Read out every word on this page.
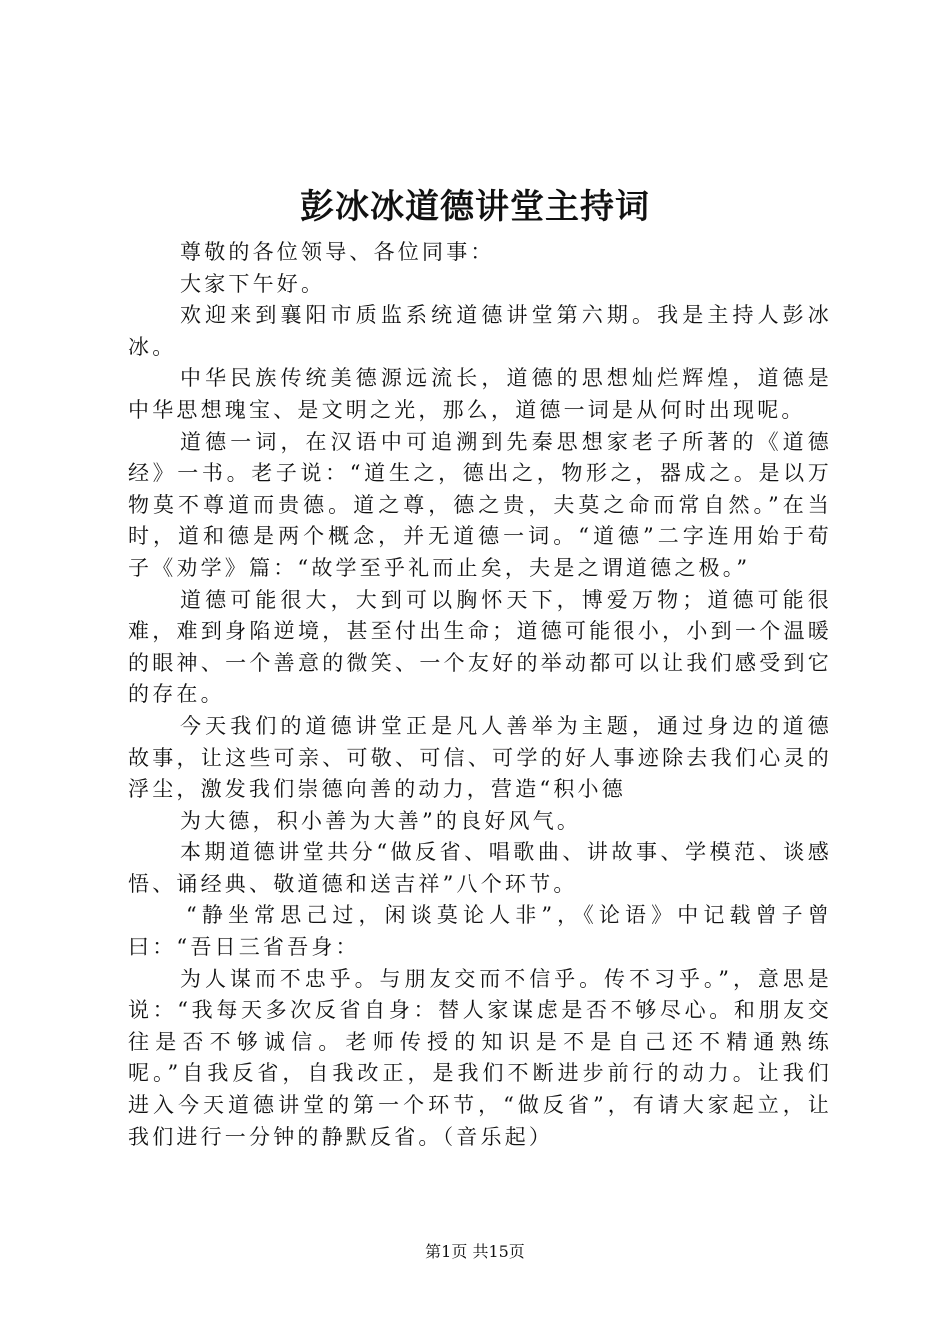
彭冰冰道德讲堂主持词

尊敬的各位领导、各位同事：

大家下午好。

欢迎来到襄阳市质监系统道德讲堂第六期。我是主持人彭冰冰。

中华民族传统美德源远流长，道德的思想灿烂辉煌，道德是中华思想瑰宝、是文明之光，那么，道德一词是从何时出现呢。

道德一词，在汉语中可追溯到先秦思想家老子所著的《道德经》一书。老子说：“道生之，德出之，物形之，器成之。是以万物莫不尊道而贵德。道之尊，德之贵，夫莫之命而常自然。”在当时，道和德是两个概念，并无道德一词。“道德”二字连用始于荀子《劝学》篇：“故学至乎礼而止矣，夫是之谓道德之极。”

道德可能很大，大到可以胸怀天下，博爱万物；道德可能很难，难到身陷逆境，甚至付出生命；道德可能很小，小到一个温暖的眼神、一个善意的微笑、一个友好的举动都可以让我们感受到它的存在。

今天我们的道德讲堂正是凡人善举为主题，通过身边的道德故事，让这些可亲、可敬、可信、可学的好人事迹除去我们心灵的浮尘，激发我们崇德向善的动力，营造“积小德

为大德，积小善为大善”的良好风气。

本期道德讲堂共分“做反省、唱歌曲、讲故事、学模范、谈感悟、诵经典、敬道德和送吉祥”八个环节。

“静坐常思己过，闲谈莫论人非”，《论语》中记载曾子曾曰：“吾日三省吾身：

为人谋而不忠乎。与朋友交而不信乎。传不习乎。”，意思是说：“我每天多次反省自身：替人家谋虑是否不够尽心。和朋友交往是否不够诚信。老师传授的知识是不是自己还不精通熟练呢。”自我反省，自我改正，是我们不断进步前行的动力。让我们进入今天道德讲堂的第一个环节，“做反省”，有请大家起立，让我们进行一分钟的静默反省。（音乐起）

第1页 共15页
